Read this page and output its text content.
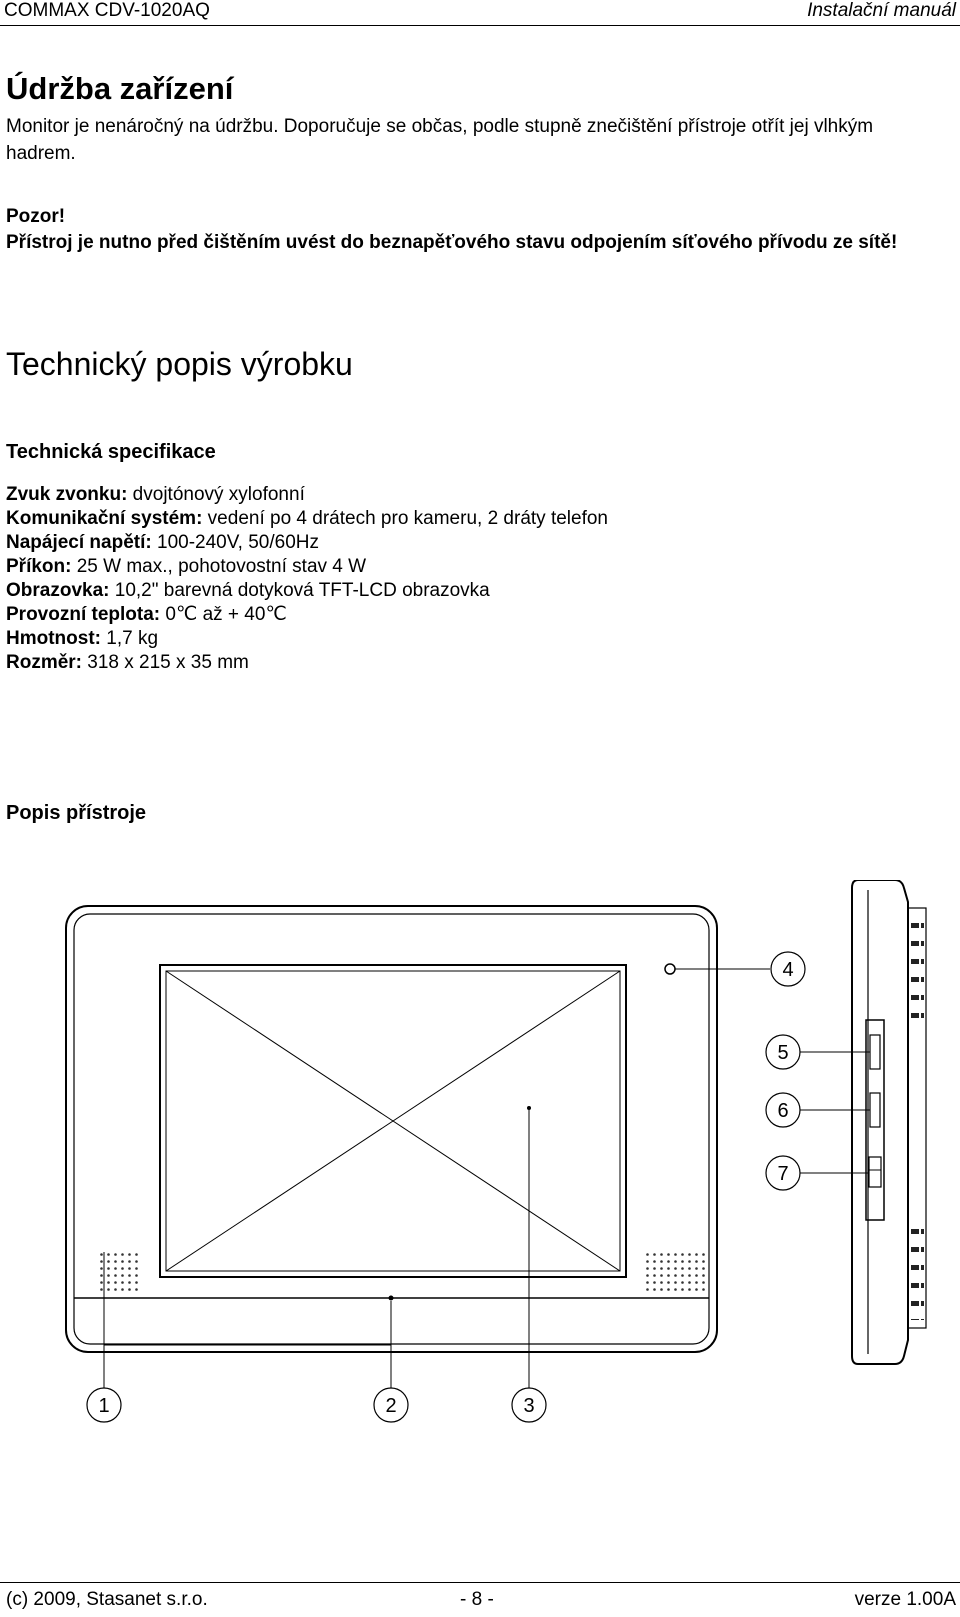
COMMAX CDV-1020AQ	Instalační manuál
Údržba zařízení
Monitor je nenáročný na údržbu. Doporučuje se občas, podle stupně znečištění přístroje otřít jej vlhkým hadrem.
Pozor!
Přístroj je nutno před čištěním uvést do beznapěťového stavu odpojením síťového přívodu ze sítě!
Technický popis výrobku
Technická specifikace
Zvuk zvonku: dvojtónový xylofonní
Komunikační systém: vedení po 4 drátech pro kameru, 2 dráty telefon
Napájecí napětí: 100-240V, 50/60Hz
Příkon: 25 W max., pohotovostní stav 4 W
Obrazovka: 10,2" barevná dotyková TFT-LCD obrazovka
Provozní teplota: 0℃ až + 40℃
Hmotnost: 1,7 kg
Rozměr: 318 x 215 x 35 mm
Popis přístroje
4
5
6
7
1	2	3
(c) 2009, Stasanet s.r.o.	- 8 -	verze 1.00A
